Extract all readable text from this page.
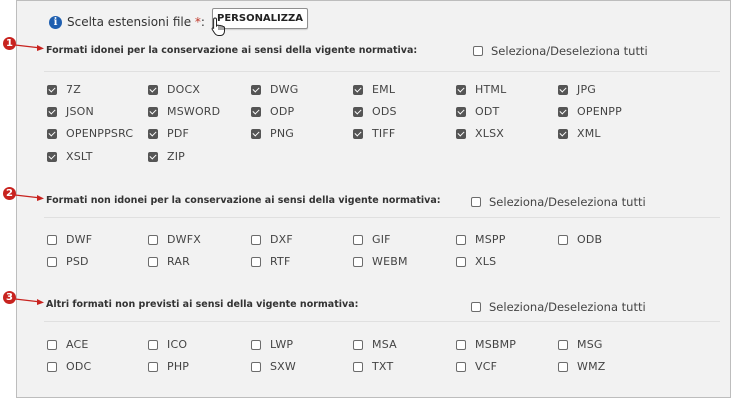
i Scelta estensioni file *:	PERSONALIZZA
1
Formati idonei per la conservazione ai sensi della vigente normativa:	Seleziona/Deseleziona tutti
7Z	DOCX	DWG	EML	HTML	JPG
JSON	MSWORD	ODP	ODS	ODT	OPENPP
OPENPPSRC	PDF	PNG	TIFF	XLSX	XML
XSLT	ZIP
2
Formati non idonei per la conservazione ai sensi della vigente normativa:	Seleziona/Deseleziona tutti
DWF	DWFX	DXF	GIF	MSPP	ODB
PSD	RAR	RTF	WEBM	XLS
3
Altri formati non previsti ai sensi della vigente normativa:	Seleziona/Deseleziona tutti
ACE	ICO	LWP	MSA	MSBMP	MSG
ODC	PHP	SXW	TXT	VCF	WMZ
